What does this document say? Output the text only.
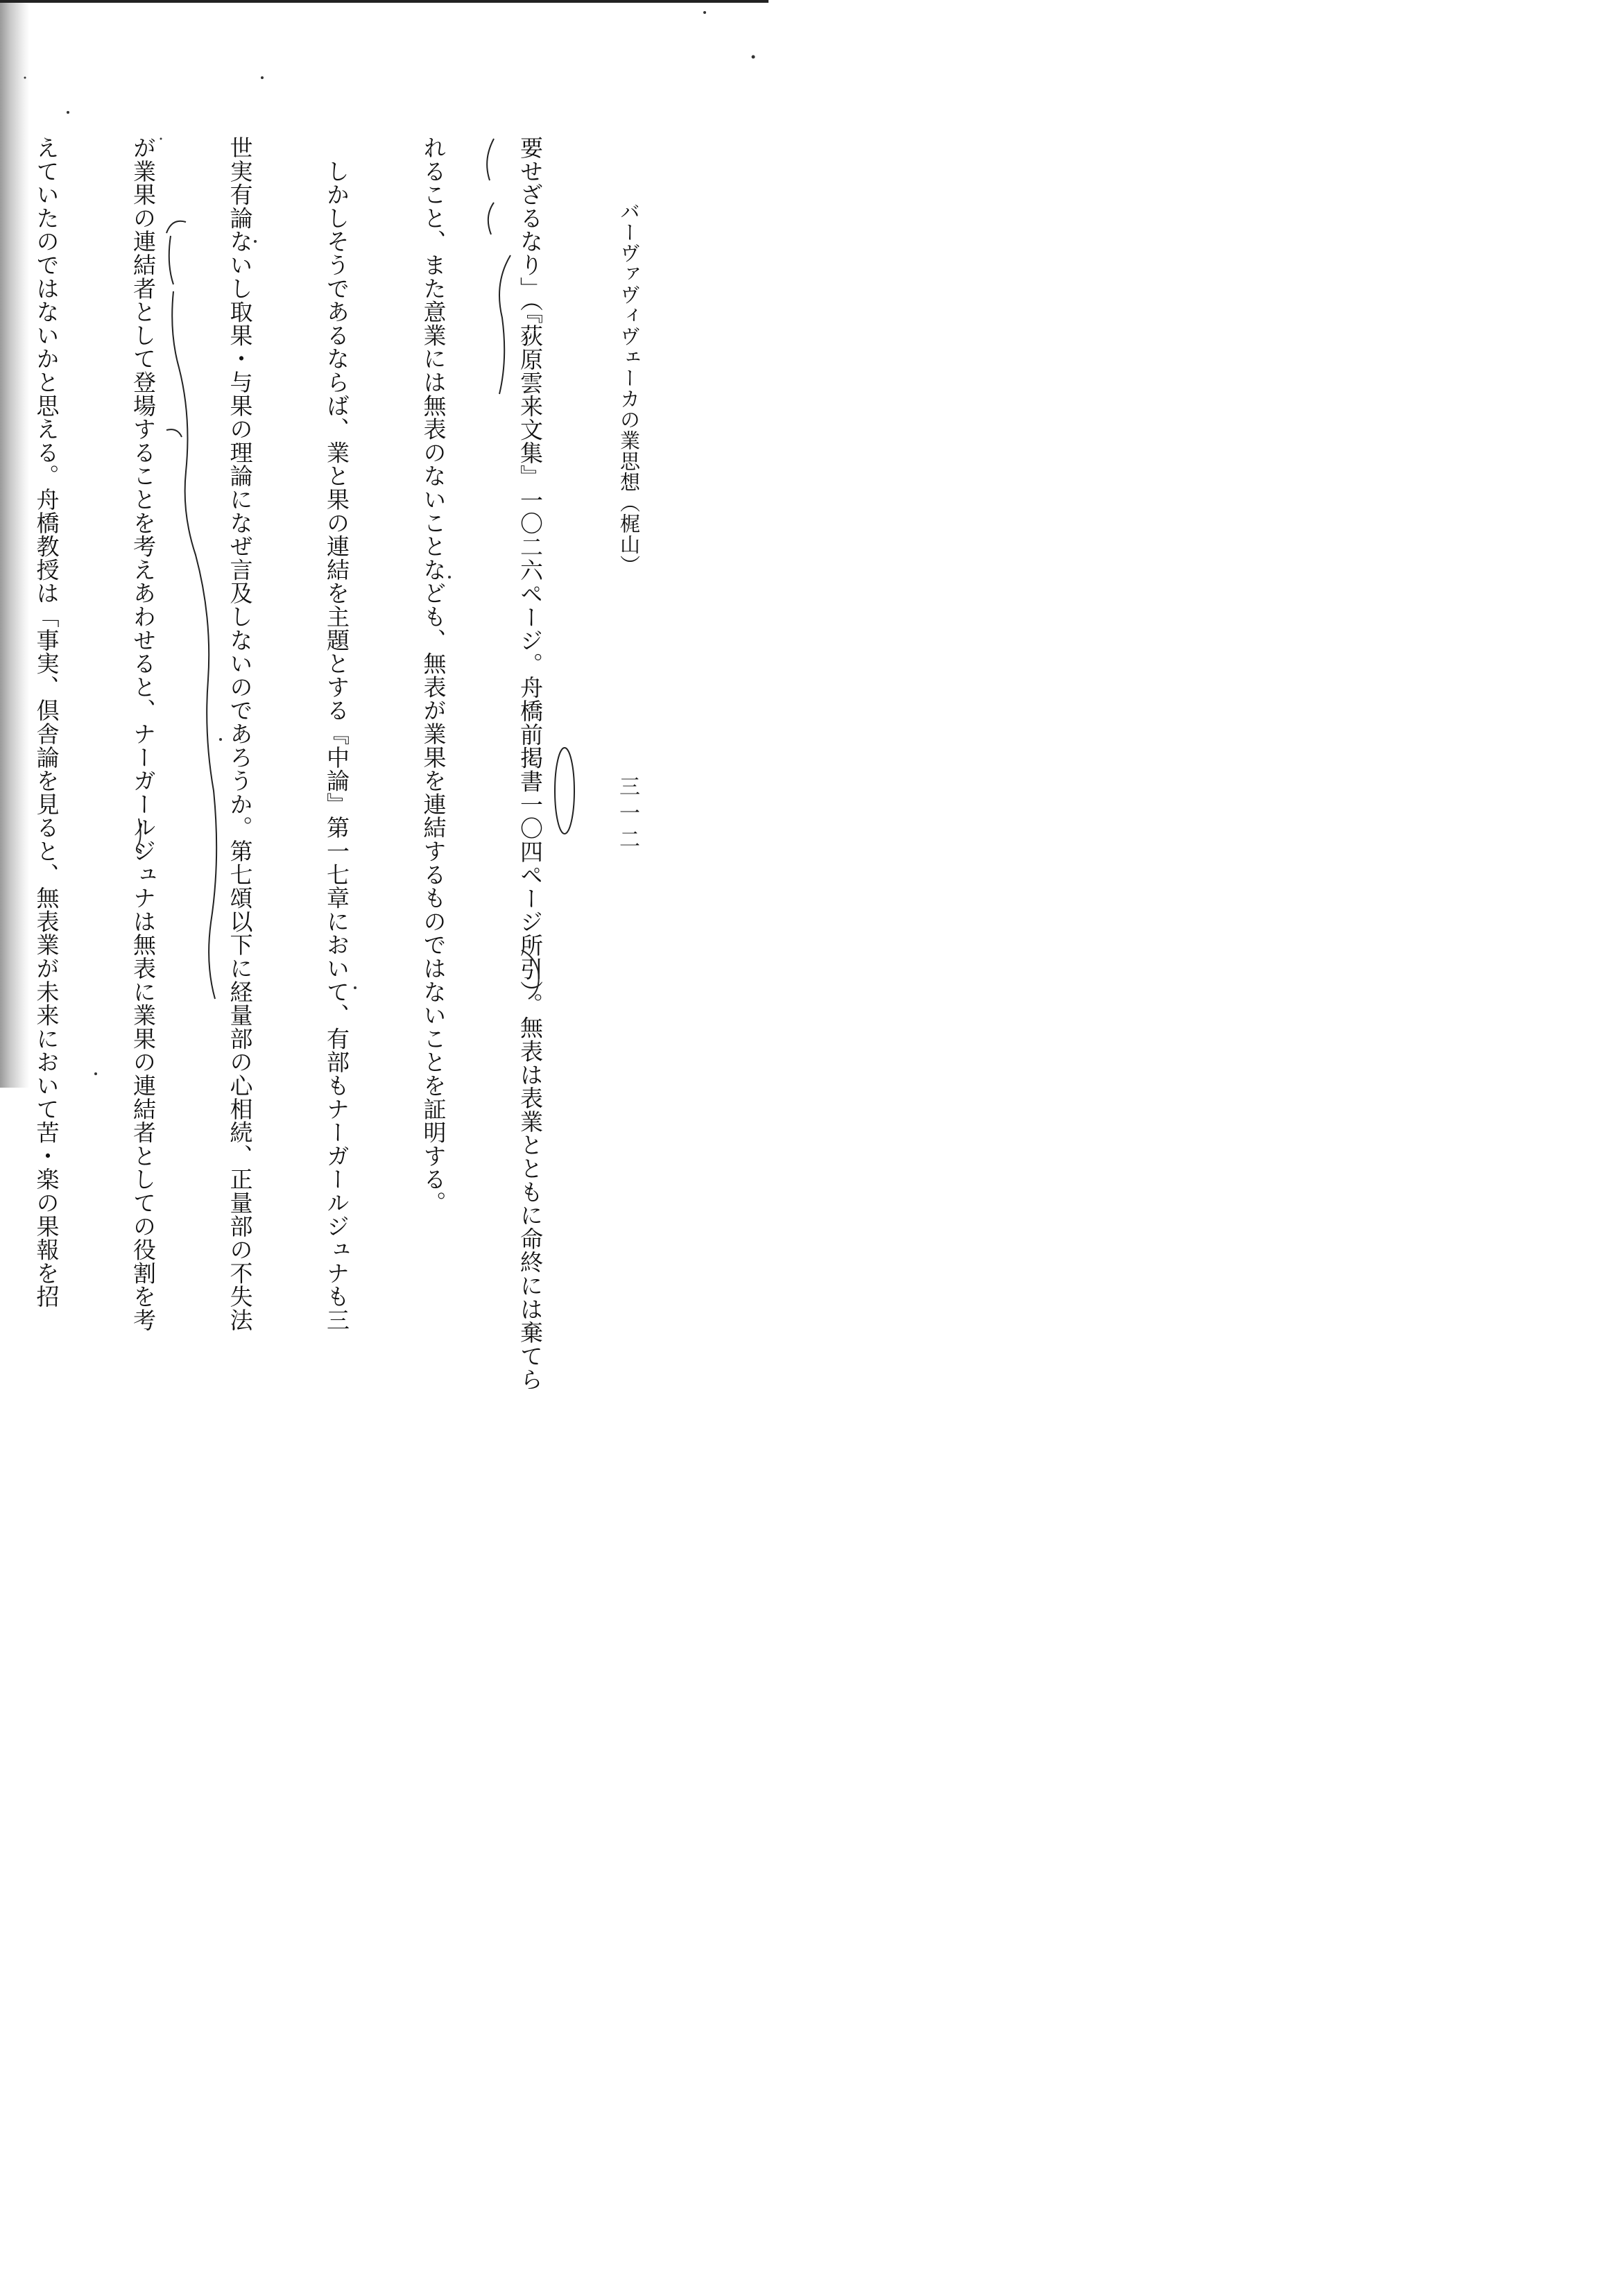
バーヴァヴィヴェーカの業思想（梶山）
三一二

要せざるなり」（『荻原雲来文集』一〇二六ページ。舟橋前掲書一〇四ページ所引）。無表は表業とともに命終には棄てら

れること、また意業には無表のないことなども、無表が業果を連結するものではないことを証明する。

　しかしそうであるならば、業と果の連結を主題とする『中論』第一七章において、有部もナーガールジュナも三

世実有論ないし取果・与果の理論になぜ言及しないのであろうか。第七頌以下に経量部の心相続、正量部の不失法

が業果の連結者として登場することを考えあわせると、ナーガールジュナは無表に業果の連結者としての役割を考

えていたのではないかと思える。舟橋教授は「事実、倶舎論を見ると、無表業が未来において苦・楽の果報を招
